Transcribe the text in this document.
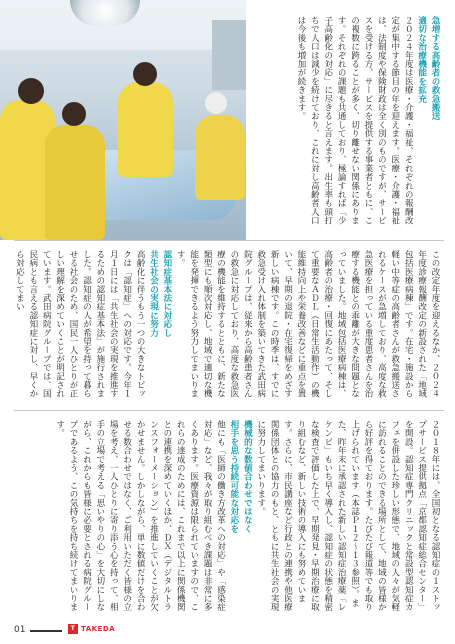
急増する高齢者の救急搬送
適切な治療機能を拡充
２０２４年度は医療・介護・福祉、それぞれの報酬改定が集中する節目の年を迎えます。医療・介護・福祉は、法制度や保険財政は全く別のものですが、サービスを受ける方、サービスを提供する事業者ともに、この複数に跨ることが多く、切り離せない関係にあります。それぞれの課題も共通しており、極論すれば「少子高齢化の対応」に尽きると言えます。出生率も頭打ちで人口は減少を続けており、これに対し高齢者人口は今後も増加が続きます。
この改定年度を迎えるなか、２０２４年度診療報酬改定の新設された「地域包括医療病棟」です。在宅・施設から軽い中等症の高齢者さんが救急搬送されるケースが急増しており、高度な救急医療を担っている重度患者さんを治療する機能との乖離が大きな問題となっていました。地域包括医療病棟は、高齢者の治療・回復にあたって、そして重要なＡＤＬ（日常生活動作）の機能維持向上や栄養改善などに重点を置いて、早期の退院・在宅復帰をめざす新しい病棟です。この時季は、すでに救急受け入れ体制を築いてきた武田病院グループは、従来から高齢患者さんの救急に対応しており、高度な救急医療の機能を維持するとともに、新たな類型にも順次対応し、地域で適切な機能を発揮できるよう努力してまいります。
認知症基本法に対応し
共生社会の実現に努力
高齢化に伴うもう一つの大きなトピックは「認知症」への対応です。今年１月１日には「共生社会の実現を推進するための認知症基本法」が施行されました。認知症の人が希望を持って暮らせる社会のため、国民一人ひとりが正しい理解を深めていくことが明記されています。武田病院グループでは、国民病とも言える認知症に対し、早くから対応してまい
２０１８年には、全国初となる認知症の１ストップサービス提供拠点「京都認知症総合センター」を開設。認知症専門クリニックと常設型認知症カフェを併設した珍しい形態で、地域の人々が気軽に訪れることのできる場所として、地域の皆様から好評を得ております。たびたび報道等でも取り上げられています（本誌Ｐ１２〜１３参照）。また、昨年末に承認された新しい認知症治療薬「レケンビ」もいち早く導入し、認知症の状態を精密な検査で評価した上で、早期発見・早期治療に取り組むなど、新しい技術の導入にも努めています。さらに、市民講座など行政との連携や他医療関係団体との協力のもと、ともに共生社会の実現に努力してまいります。
機械的な数値合わせではなく
相手を思う持続可能な対応を
他にも「医師の働き方改革への対応」や「感染症対応」など、我々が取り組むべき課題は非常に多くあります。医療資源は限られていますので、これらの達成のためには、これまで以上に関係機関との連携を深めていくほか、ＤＸ（デジタルトランスフォーメーション）を推進していくことが欠かせません。しかしながら、単に数値だけを合わせる数合わせではなく、ご利用いただく皆様の立場を考え、一人ひとりに寄り添う心を持って、相手の立場で考える「思いやりの心」を大切にしながら、これからも皆様に必要とされる病院グループであるよう、この気持ちを持ち続けてまいります。
01	T TAKEDA
